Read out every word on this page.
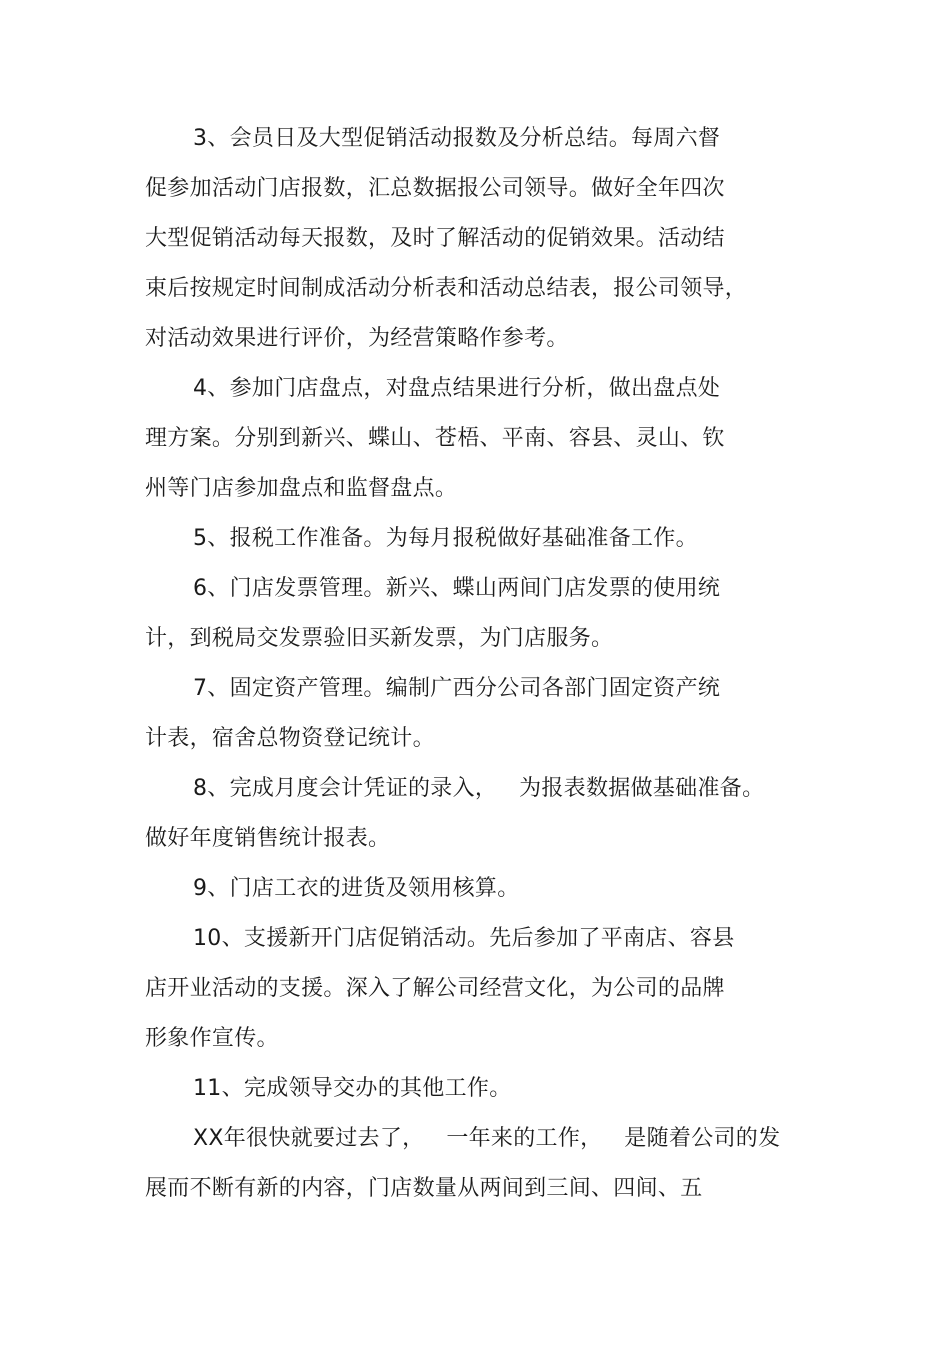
3、会员日及大型促销活动报数及分析总结。每周六督
促参加活动门店报数，汇总数据报公司领导。做好全年四次
大型促销活动每天报数，及时了解活动的促销效果。活动结
束后按规定时间制成活动分析表和活动总结表，报公司领导，
对活动效果进行评价，为经营策略作参考。
4、参加门店盘点，对盘点结果进行分析，做出盘点处
理方案。分别到新兴、蝶山、苍梧、平南、容县、灵山、钦
州等门店参加盘点和监督盘点。
5、报税工作准备。为每月报税做好基础准备工作。
6、门店发票管理。新兴、蝶山两间门店发票的使用统
计，到税局交发票验旧买新发票，为门店服务。
7、固定资产管理。编制广西分公司各部门固定资产统
计表，宿舍总物资登记统计。
8、完成月度会计凭证的录入，   为报表数据做基础准备。
做好年度销售统计报表。
9、门店工衣的进货及领用核算。
10、支援新开门店促销活动。先后参加了平南店、容县
店开业活动的支援。深入了解公司经营文化，为公司的品牌
形象作宣传。
11、完成领导交办的其他工作。
XX年很快就要过去了，   一年来的工作，   是随着公司的发
展而不断有新的内容，门店数量从两间到三间、四间、五
